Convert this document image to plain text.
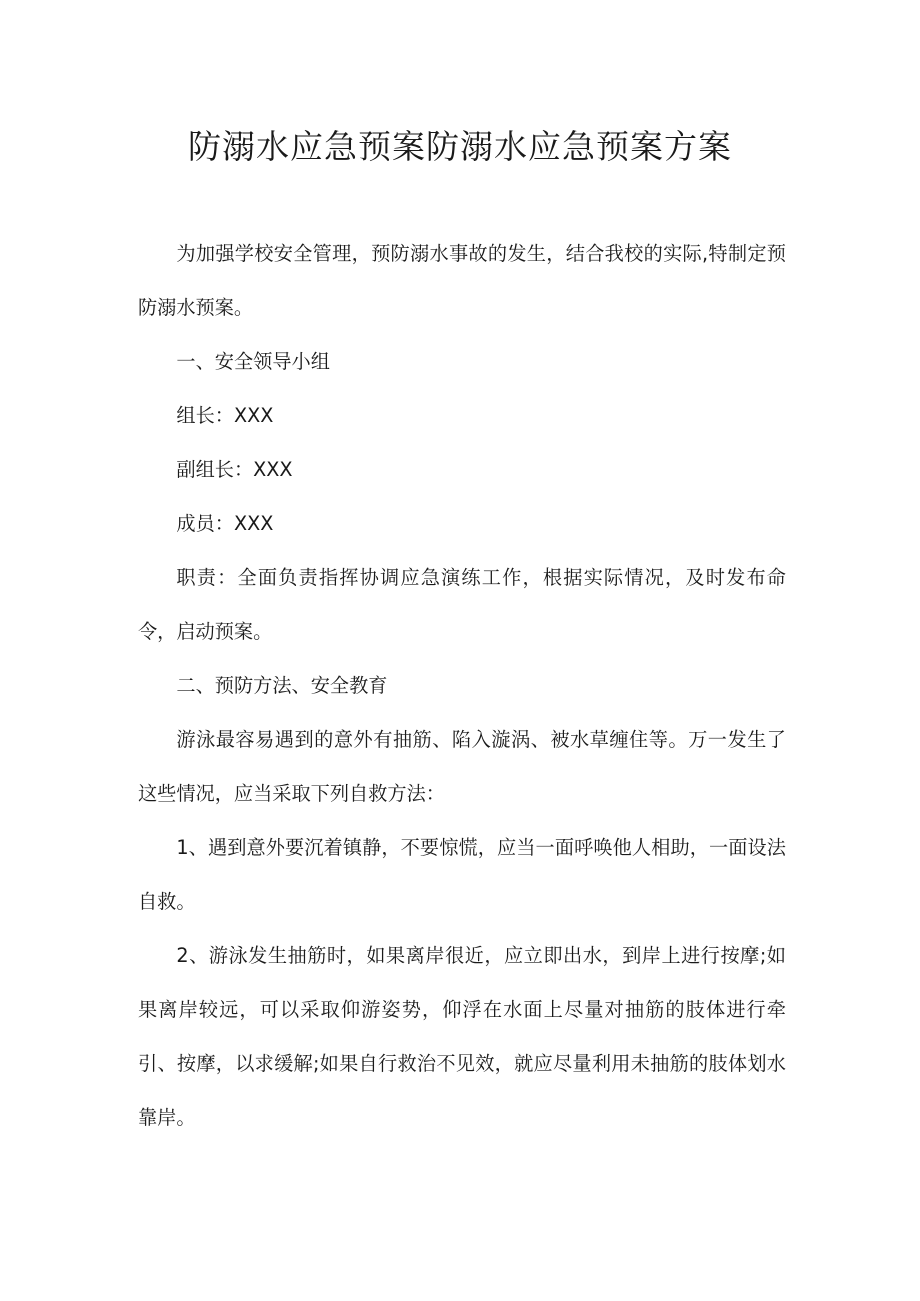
防溺水应急预案防溺水应急预案方案

为加强学校安全管理，预防溺水事故的发生，结合我校的实际,特制定预防溺水预案。

一、安全领导小组

组长：XXX

副组长：XXX

成员：XXX

职责：全面负责指挥协调应急演练工作，根据实际情况，及时发布命令，启动预案。

二、预防方法、安全教育

游泳最容易遇到的意外有抽筋、陷入漩涡、被水草缠住等。万一发生了这些情况，应当采取下列自救方法：

1、遇到意外要沉着镇静，不要惊慌，应当一面呼唤他人相助，一面设法自救。

2、游泳发生抽筋时，如果离岸很近，应立即出水，到岸上进行按摩;如果离岸较远，可以采取仰游姿势，仰浮在水面上尽量对抽筋的肢体进行牵引、按摩，以求缓解;如果自行救治不见效，就应尽量利用未抽筋的肢体划水靠岸。
